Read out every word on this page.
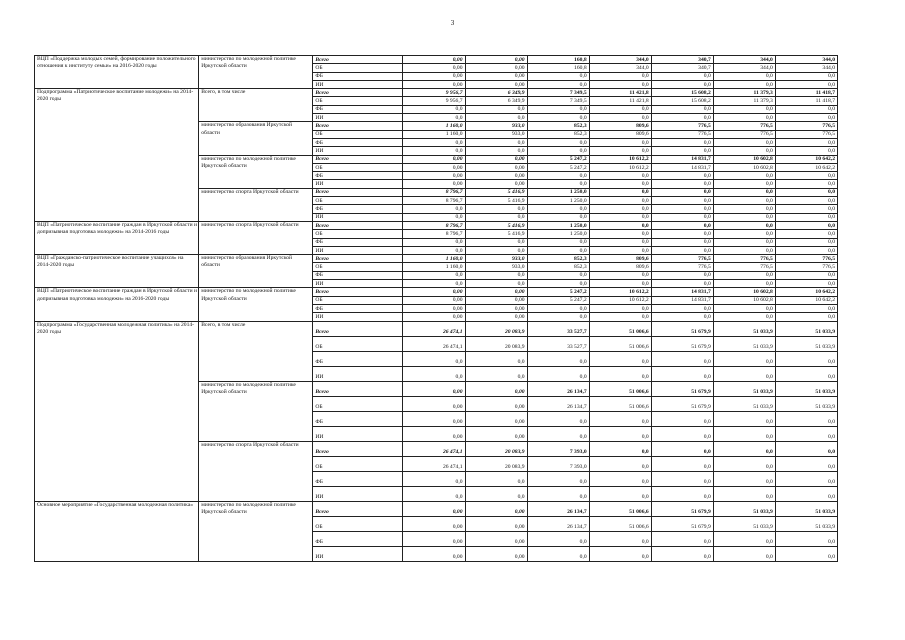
3
ВЦП «Поддержка молодых семей, формирование положительного отношения к институту семьи» на 2016-2020 годы	министерство по молодежной политике Иркутской области	Всего	0,00	0,00	160,8	344,0	340,7	344,0	344,0
		ОБ	0,00	0,00	160,8	344,0	340,7	344,0	344,0
		ФБ	0,00	0,00	0,0	0,0	0,0	0,0	0,0
		ИИ	0,00	0,00	0,0	0,0	0,0	0,0	0,0
Подпрограмма «Патриотическое воспитание молодежи» на 2014-2020 годы	Всего, в том числе	Всего	9 956,7	6 349,9	7 349,5	11 421,8	15 608,2	11 379,3	11 418,7
		ОБ	9 956,7	6 349,9	7 349,5	11 421,8	15 608,2	11 379,3	11 418,7
		ФБ	0,0	0,0	0,0	0,0	0,0	0,0	0,0
		ИИ	0,0	0,0	0,0	0,0	0,0	0,0	0,0
	министерство образования Иркутской области	Всего	1 160,0	933,0	852,3	809,6	776,5	776,5	776,5
		ОБ	1 160,0	933,0	852,3	809,6	776,5	776,5	776,5
		ФБ	0,0	0,0	0,0	0,0	0,0	0,0	0,0
		ИИ	0,0	0,0	0,0	0,0	0,0	0,0	0,0
	министерство по молодежной политике Иркутской области	Всего	0,00	0,00	5 247,2	10 612,2	14 831,7	10 602,8	10 642,2
		ОБ	0,00	0,00	5 247,2	10 612,2	14 831,7	10 602,8	10 642,2
		ФБ	0,00	0,00	0,0	0,0	0,0	0,0	0,0
		ИИ	0,00	0,00	0,0	0,0	0,0	0,0	0,0
	министерство спорта Иркутской области	Всего	8 796,7	5 416,9	1 250,0	0,0	0,0	0,0	0,0
		ОБ	8 796,7	5 416,9	1 250,0	0,0	0,0	0,0	0,0
		ФБ	0,0	0,0	0,0	0,0	0,0	0,0	0,0
		ИИ	0,0	0,0	0,0	0,0	0,0	0,0	0,0
ВЦП «Патриотическое воспитание граждан в Иркутской области и допризывная подготовка молодежи» на 2014-2016 годы	министерство спорта Иркутской области	Всего	8 796,7	5 416,9	1 250,0	0,0	0,0	0,0	0,0
		ОБ	8 796,7	5 416,9	1 250,0	0,0	0,0	0,0	0,0
		ФБ	0,0	0,0	0,0	0,0	0,0	0,0	0,0
		ИИ	0,0	0,0	0,0	0,0	0,0	0,0	0,0
ВЦП «Гражданско-патриотическое воспитание учащихся» на 2014-2020 годы	министерство образования Иркутской области	Всего	1 160,0	933,0	852,3	809,6	776,5	776,5	776,5
		ОБ	1 160,0	933,0	852,3	809,6	776,5	776,5	776,5
		ФБ	0,0	0,0	0,0	0,0	0,0	0,0	0,0
		ИИ	0,0	0,0	0,0	0,0	0,0	0,0	0,0
ВЦП «Патриотическое воспитание граждан в Иркутской области и допризывная подготовка молодежи» на 2016-2020 годы	министерство по молодежной политике Иркутской области	Всего	0,00	0,00	5 247,2	10 612,2	14 831,7	10 602,8	10 642,2
		ОБ	0,00	0,00	5 247,2	10 612,2	14 831,7	10 602,8	10 642,2
		ФБ	0,00	0,00	0,0	0,0	0,0	0,0	0,0
		ИИ	0,00	0,00	0,0	0,0	0,0	0,0	0,0
Подпрограмма «Государственная молодежная политика» на 2014-2020 годы	Всего, в том числе	Всего	26 474,1	20 083,9	33 527,7	51 006,6	51 679,9	51 033,9	51 033,9
		ОБ	26 474,1	20 083,9	33 527,7	51 006,6	51 679,9	51 033,9	51 033,9
		ФБ	0,0	0,0	0,0	0,0	0,0	0,0	0,0
		ИИ	0,0	0,0	0,0	0,0	0,0	0,0	0,0
	министерство по молодежной политике Иркутской области	Всего	0,00	0,00	26 134,7	51 006,6	51 679,9	51 033,9	51 033,9
		ОБ	0,00	0,00	26 134,7	51 006,6	51 679,9	51 033,9	51 033,9
		ФБ	0,00	0,00	0,0	0,0	0,0	0,0	0,0
		ИИ	0,00	0,00	0,0	0,0	0,0	0,0	0,0
	министерство спорта Иркутской области	Всего	26 474,1	20 083,9	7 393,0	0,0	0,0	0,0	0,0
		ОБ	26 474,1	20 083,9	7 393,0	0,0	0,0	0,0	0,0
		ФБ	0,0	0,0	0,0	0,0	0,0	0,0	0,0
		ИИ	0,0	0,0	0,0	0,0	0,0	0,0	0,0
Основное мероприятие «Государственная молодежная политика»	министерство по молодежной политике Иркутской области	Всего	0,00	0,00	26 134,7	51 006,6	51 679,9	51 033,9	51 033,9
		ОБ	0,00	0,00	26 134,7	51 006,6	51 679,9	51 033,9	51 033,9
		ФБ	0,00	0,00	0,0	0,0	0,0	0,0	0,0
		ИИ	0,00	0,00	0,0	0,0	0,0	0,0	0,0
